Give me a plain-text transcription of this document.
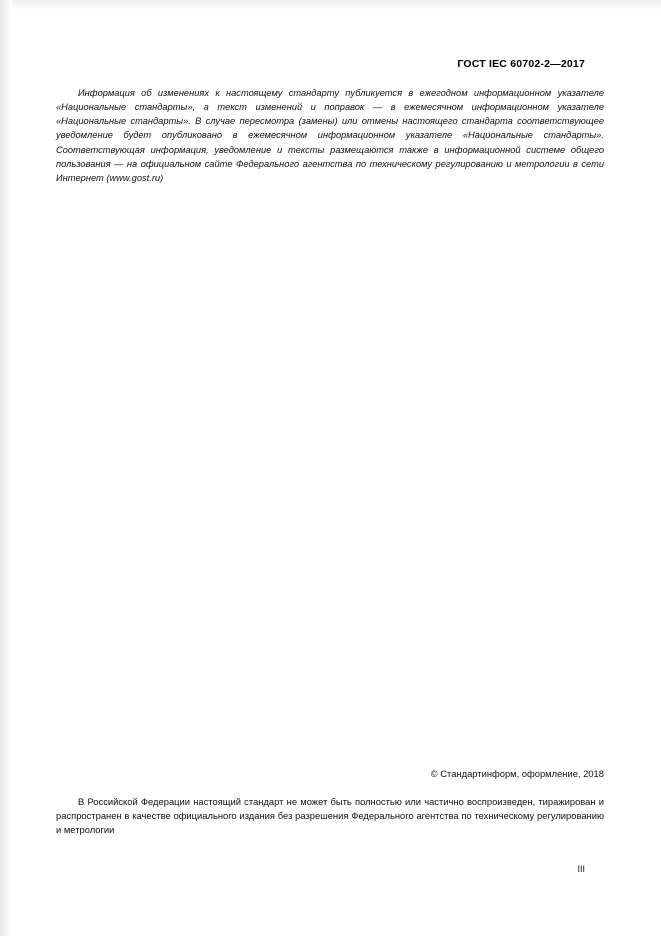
ГОСТ IEC 60702-2—2017

Информация об изменениях к настоящему стандарту публикуется в ежегодном информационном указателе «Национальные стандарты», а текст изменений и поправок — в ежемесячном информационном указателе «Национальные стандарты». В случае пересмотра (замены) или отмены настоящего стандарта соответствующее уведомление будет опубликовано в ежемесячном информационном указателе «Национальные стандарты». Соответствующая информация, уведомление и тексты размещаются также в информационной системе общего пользования — на официальном сайте Федерального агентства по техническому регулированию и метрологии в сети Интернет (www.gost.ru)

© Стандартинформ, оформление, 2018

В Российской Федерации настоящий стандарт не может быть полностью или частично воспроизведен, тиражирован и распространен в качестве официального издания без разрешения Федерального агентства по техническому регулированию и метрологии

III
